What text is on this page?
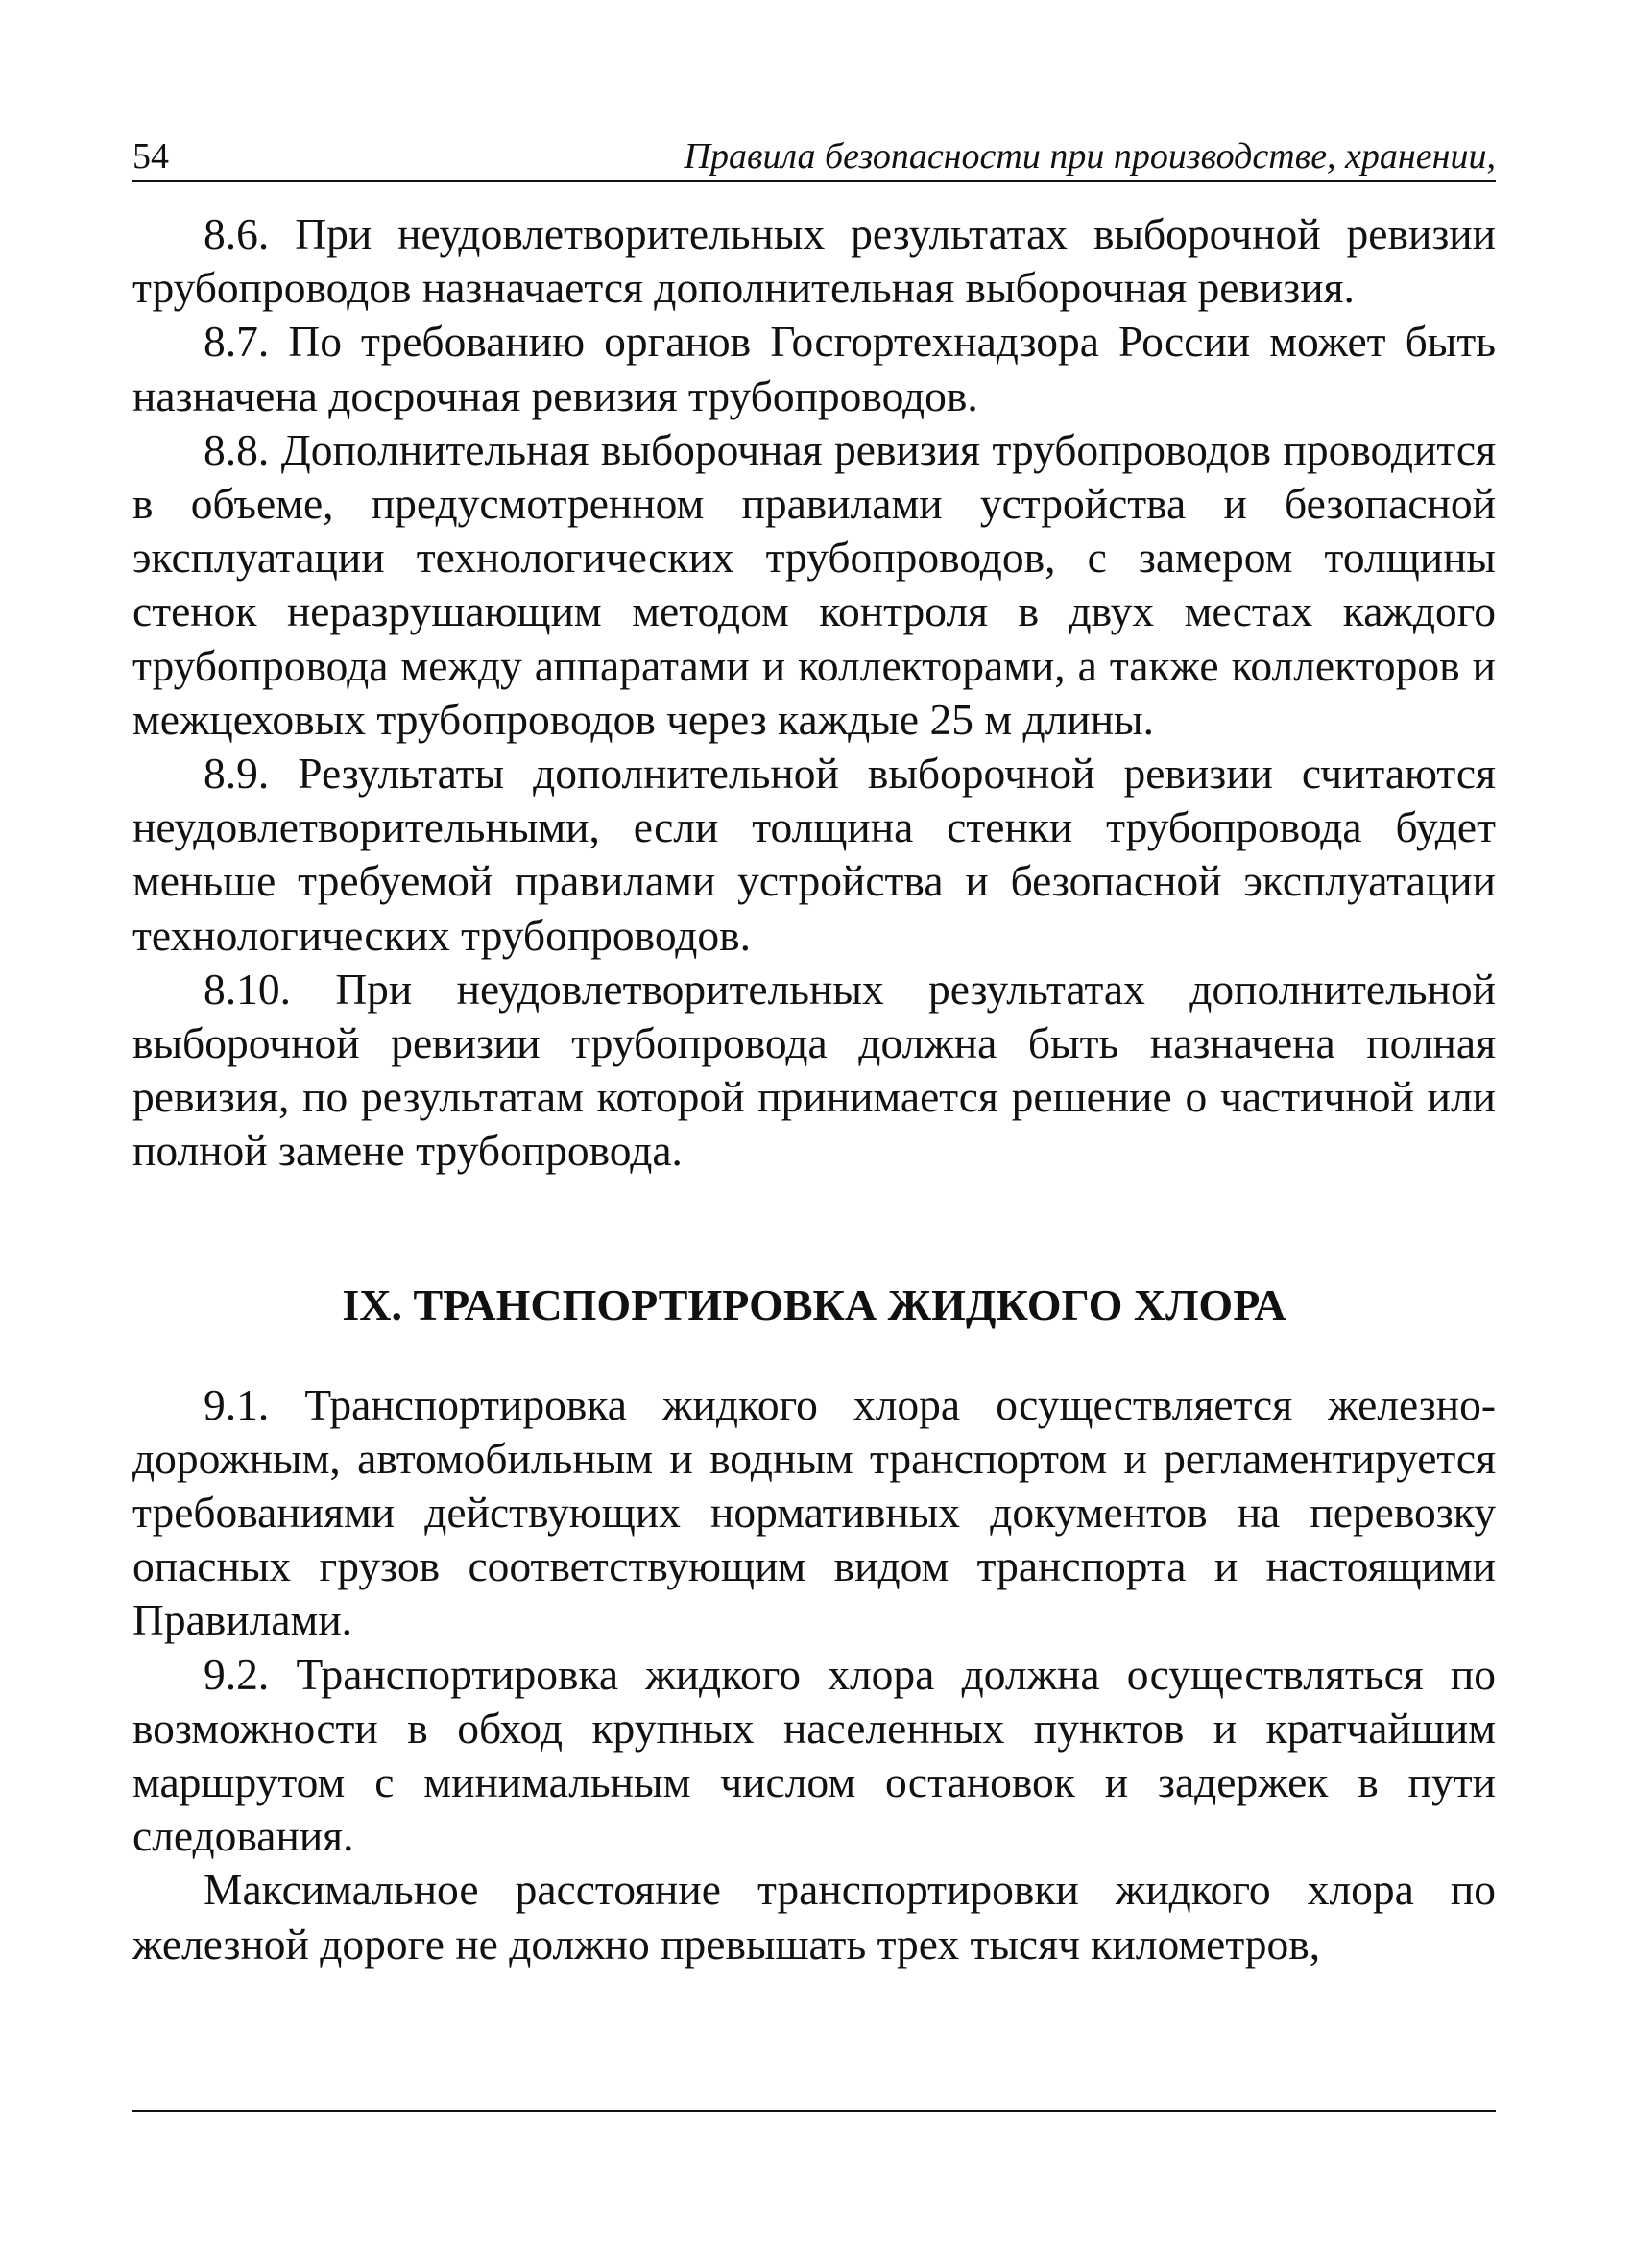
54	Правила безопасности при производстве, хранении,

8.6. При неудовлетворительных результатах выборочной ревизии трубопроводов назначается дополнительная выборочная ревизия.

8.7. По требованию органов Госгортехнадзора России может быть назначена досрочная ревизия трубопроводов.

8.8. Дополнительная выборочная ревизия трубопроводов проводится в объеме, предусмотренном правилами устройства и безопасной эксплуатации технологических трубопроводов, с замером толщины стенок неразрушающим методом контроля в двух местах каждого трубопровода между аппаратами и коллекторами, а также коллекторов и межцеховых трубопроводов через каждые 25 м длины.

8.9. Результаты дополнительной выборочной ревизии считаются неудовлетворительными, если толщина стенки трубопровода будет меньше требуемой правилами устройства и безопасной эксплуатации технологических трубопроводов.

8.10. При неудовлетворительных результатах дополнительной выборочной ревизии трубопровода должна быть назначена полная ревизия, по результатам которой принимается решение о частичной или полной замене трубопровода.

IX. ТРАНСПОРТИРОВКА ЖИДКОГО ХЛОРА

9.1. Транспортировка жидкого хлора осуществляется железнодорожным, автомобильным и водным транспортом и регламентируется требованиями действующих нормативных документов на перевозку опасных грузов соответствующим видом транспорта и настоящими Правилами.

9.2. Транспортировка жидкого хлора должна осуществляться по возможности в обход крупных населенных пунктов и кратчайшим маршрутом с минимальным числом остановок и задержек в пути следования.

Максимальное расстояние транспортировки жидкого хлора по железной дороге не должно превышать трех тысяч километров,
